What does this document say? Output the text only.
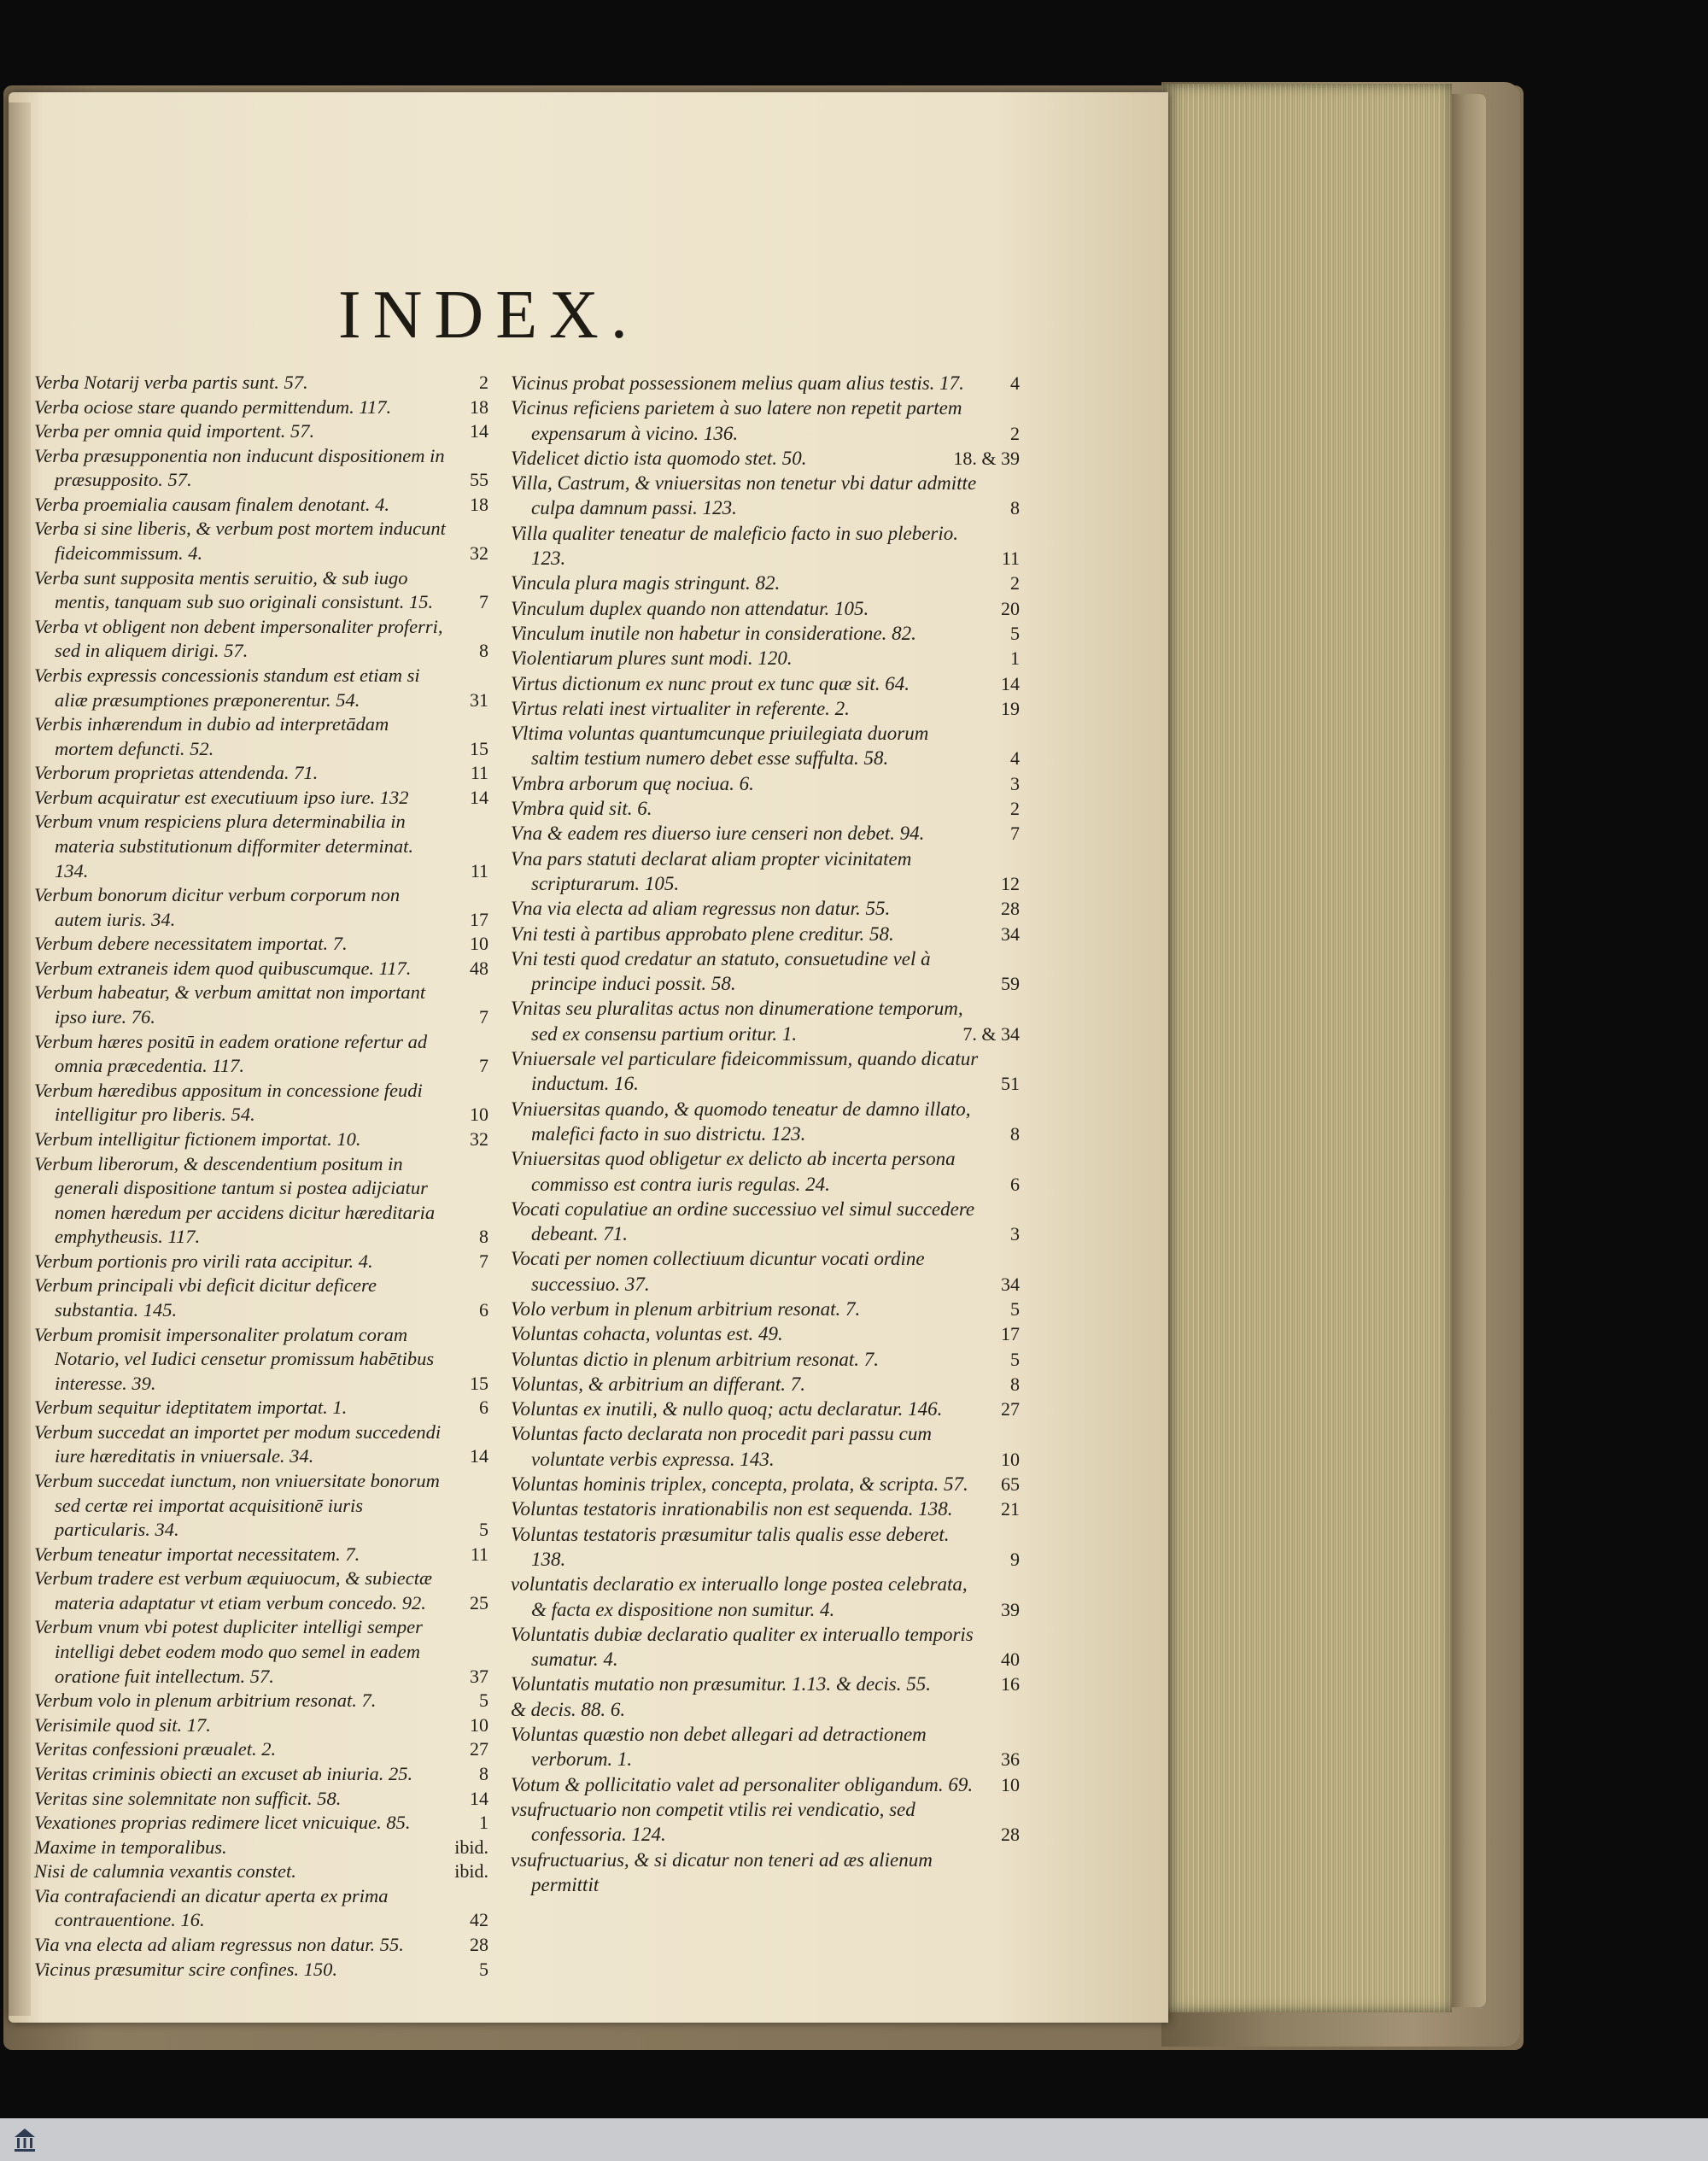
INDEX.
Verba Notarij verba partis sunt. 57.	2
Verba ociose stare quando permittendum. 117.	18
Verba per omnia quid importent. 57.	14
Verba præsupponentia non inducunt dispositionem in præsupposito. 57.	55
Verba proemialia causam finalem denotant. 4.	18
Verba si sine liberis, & verbum post mortem inducunt fideicommissum. 4.	32
Verba sunt supposita mentis seruitio, & sub iugo mentis, tanquam sub suo originali consistunt. 15.	7
Verba vt obligent non debent impersonaliter proferri, sed in aliquem dirigi. 57.	8
Verbis expressis concessionis standum est etiam si aliæ præsumptiones præponerentur. 54.	31
Verbis inhærendum in dubio ad interpretādam mortem defuncti. 52.	15
Verborum proprietas attendenda. 71.	11
Verbum acquiratur est executiuum ipso iure. 132	14
Verbum vnum respiciens plura determinabilia in materia substitutionum difformiter determinat. 134.	11
Verbum bonorum dicitur verbum corporum non autem iuris. 34.	17
Verbum debere necessitatem importat. 7.	10
Verbum extraneis idem quod quibuscumque. 117.	48
Verbum habeatur, & verbum amittat non important ipso iure. 76.	7
Verbum hæres positū in eadem oratione refertur ad omnia præcedentia. 117.	7
Verbum hæredibus appositum in concessione feudi intelligitur pro liberis. 54.	10
Verbum intelligitur fictionem importat. 10.	32
Verbum liberorum, & descendentium positum in generali dispositione tantum si postea adijciatur nomen hæredum per accidens dicitur hæreditaria emphytheusis. 117.	8
Verbum portionis pro virili rata accipitur. 4.	7
Verbum principali vbi deficit dicitur deficere substantia. 145.	6
Verbum promisit impersonaliter prolatum coram Notario, vel Iudici censetur promissum habētibus interesse. 39.	15
Verbum sequitur ideptitatem importat. 1.	6
Verbum succedat an importet per modum succedendi iure hæreditatis in vniuersale. 34.	14
Verbum succedat iunctum, non vniuersitate bonorum sed certæ rei importat acquisitionē iuris particularis. 34.	5
Verbum teneatur importat necessitatem. 7.	11
Verbum tradere est verbum æquiuocum, & subiectæ materia adaptatur vt etiam verbum concedo. 92.	25
Verbum vnum vbi potest dupliciter intelligi semper intelligi debet eodem modo quo semel in eadem oratione fuit intellectum. 57.	37
Verbum volo in plenum arbitrium resonat. 7.	5
Verisimile quod sit. 17.	10
Veritas confessioni præualet. 2.	27
Veritas criminis obiecti an excuset ab iniuria. 25.	8
Veritas sine solemnitate non sufficit. 58.	14
Vexationes proprias redimere licet vnicuique. 85.	1
Maxime in temporalibus.	ibid.
Nisi de calumnia vexantis constet.	ibid.
Via contrafaciendi an dicatur aperta ex prima contrauentione. 16.	42
Via vna electa ad aliam regressus non datur. 55.	28
Vicinus præsumitur scire confines. 150.	5
Vicinus probat possessionem melius quam alius testis. 17.	4
Vicinus reficiens parietem à suo latere non repetit partem expensarum à vicino. 136.	2
Videlicet dictio ista quomodo stet. 50.	18. & 39
Villa, Castrum, & vniuersitas non tenetur vbi datur admitte culpa damnum passi. 123.	8
Villa qualiter teneatur de maleficio facto in suo pleberio. 123.	11
Vincula plura magis stringunt. 82.	2
Vinculum duplex quando non attendatur. 105.	20
Vinculum inutile non habetur in consideratione. 82.	5
Violentiarum plures sunt modi. 120.	1
Virtus dictionum ex nunc prout ex tunc quæ sit. 64.	14
Virtus relati inest virtualiter in referente. 2.	19
Vltima voluntas quantumcunque priuilegiata duorum saltim testium numero debet esse suffulta. 58.	4
Vmbra arborum quę nociua. 6.	3
Vmbra quid sit. 6.	2
Vna & eadem res diuerso iure censeri non debet. 94.	7
Vna pars statuti declarat aliam propter vicinitatem scripturarum. 105.	12
Vna via electa ad aliam regressus non datur. 55.	28
Vni testi à partibus approbato plene creditur. 58.	34
Vni testi quod credatur an statuto, consuetudine vel à principe induci possit. 58.	59
Vnitas seu pluralitas actus non dinumeratione temporum, sed ex consensu partium oritur. 1.	7. & 34
Vniuersale vel particulare fideicommissum, quando dicatur inductum. 16.	51
Vniuersitas quando, & quomodo teneatur de damno illato, malefici facto in suo districtu. 123.	8
Vniuersitas quod obligetur ex delicto ab incerta persona commisso est contra iuris regulas. 24.	6
Vocati copulatiue an ordine successiuo vel simul succedere debeant. 71.	3
Vocati per nomen collectiuum dicuntur vocati ordine successiuo. 37.	34
Volo verbum in plenum arbitrium resonat. 7.	5
Voluntas cohacta, voluntas est. 49.	17
Voluntas dictio in plenum arbitrium resonat. 7.	5
Voluntas, & arbitrium an differant. 7.	8
Voluntas ex inutili, & nullo quoq; actu declaratur. 146.	27
Voluntas facto declarata non procedit pari passu cum voluntate verbis expressa. 143.	10
Voluntas hominis triplex, concepta, prolata, & scripta. 57.	65
Voluntas testatoris inrationabilis non est sequenda. 138.	21
Voluntas testatoris præsumitur talis qualis esse deberet. 138.	9
voluntatis declaratio ex interuallo longe postea celebrata, & facta ex dispositione non sumitur. 4.	39
Voluntatis dubiæ declaratio qualiter ex interuallo temporis sumatur. 4.	40
Voluntatis mutatio non præsumitur. 1.13. & decis. 55.	16
& decis. 88. 6.
Voluntas quæstio non debet allegari ad detractionem verborum. 1.	36
Votum & pollicitatio valet ad personaliter obligandum. 69.	10
vsufructuario non competit vtilis rei vendicatio, sed confessoria. 124.	28
vsufructuarius, & si dicatur non teneri ad æs alienum permittit
